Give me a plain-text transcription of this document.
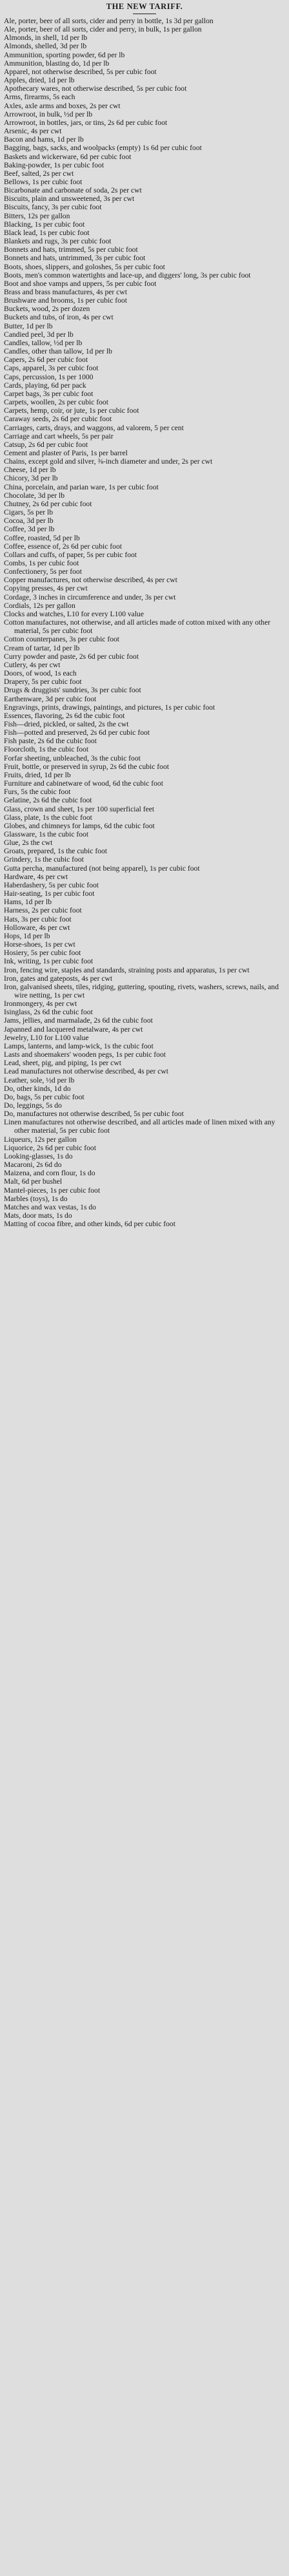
THE NEW TARIFF.

Ale, porter, beer of all sorts, cider and perry in bottle, 1s 3d per gallon

Ale, porter, beer of all sorts, cider and perry, in bulk, 1s per gallon

Almonds, in shell, 1d per lb

Almonds, shelled, 3d per lb

Ammunition, sporting powder, 6d per lb

Ammunition, blasting do, 1d per lb

Apparel, not otherwise described, 5s per cubic foot

Apples, dried, 1d per lb

Apothecary wares, not otherwise described, 5s per cubic foot

Arms, firearms, 5s each

Axles, axle arms and boxes, 2s per cwt

Arrowroot, in bulk, ½d per lb

Arrowroot, in bottles, jars, or tins, 2s 6d per cubic foot

Arsenic, 4s per cwt

Bacon and hams, 1d per lb

Bagging, bags, sacks, and woolpacks (empty) 1s 6d per cubic foot

Baskets and wickerware, 6d per cubic foot

Baking-powder, 1s per cubic foot

Beef, salted, 2s per cwt

Bellows, 1s per cubic foot

Bicarbonate and carbonate of soda, 2s per cwt

Biscuits, plain and unsweetened, 3s per cwt

Biscuits, fancy, 3s per cubic foot

Bitters, 12s per gallon

Blacking, 1s per cubic foot

Black lead, 1s per cubic foot

Blankets and rugs, 3s per cubic foot

Bonnets and hats, trimmed, 5s per cubic foot

Bonnets and hats, untrimmed, 3s per cubic foot

Boots, shoes, slippers, and goloshes, 5s per cubic foot

Boots, men's common watertights and lace-up, and diggers' long, 3s per cubic foot

Boot and shoe vamps and uppers, 5s per cubic foot

Brass and brass manufactures, 4s per cwt

Brushware and brooms, 1s per cubic foot

Buckets, wood, 2s per dozen

Buckets and tubs, of iron, 4s per cwt

Butter, 1d per lb

Candied peel, 3d per lb

Candles, tallow, ½d per lb

Candles, other than tallow, 1d per lb

Capers, 2s 6d per cubic foot

Caps, apparel, 3s per cubic foot

Caps, percussion, 1s per 1000

Cards, playing, 6d per pack

Carpet bags, 3s per cubic foot

Carpets, woollen, 2s per cubic foot

Carpets, hemp, coir, or jute, 1s per cubic foot

Caraway seeds, 2s 6d per cubic foot

Carriages, carts, drays, and waggons, ad valorem, 5 per cent

Carriage and cart wheels, 5s per pair

Catsup, 2s 6d per cubic foot

Cement and plaster of Paris, 1s per barrel

Chains, except gold and silver, ⅜-inch diameter and under, 2s per cwt

Cheese, 1d per lb

Chicory, 3d per lb

China, porcelain, and parian ware, 1s per cubic foot

Chocolate, 3d per lb

Chutney, 2s 6d per cubic foot

Cigars, 5s per lb

Cocoa, 3d per lb

Coffee, 3d per lb

Coffee, roasted, 5d per lb

Coffee, essence of, 2s 6d per cubic foot

Collars and cuffs, of paper, 5s per cubic foot

Combs, 1s per cubic foot

Confectionery, 5s per foot

Copper manufactures, not otherwise described, 4s per cwt

Copying presses, 4s per cwt

Cordage, 3 inches in circumference and under, 3s per cwt

Cordials, 12s per gallon

Clocks and watches, L10 for every L100 value

Cotton manufactures, not otherwise, and all articles made of cotton mixed with any other material, 5s per cubic foot

Cotton counterpanes, 3s per cubic foot

Cream of tartar, 1d per lb

Curry powder and paste, 2s 6d per cubic foot

Cutlery, 4s per cwt

Doors, of wood, 1s each

Drapery, 5s per cubic foot

Drugs & druggists' sundries, 3s per cubic foot

Earthenware, 3d per cubic foot

Engravings, prints, drawings, paintings, and pictures, 1s per cubic foot

Essences, flavoring, 2s 6d the cubic foot

Fish—dried, pickled, or salted, 2s the cwt

Fish—potted and preserved, 2s 6d per cubic foot

Fish paste, 2s 6d the cubic foot

Floorcloth, 1s the cubic foot

Forfar sheeting, unbleached, 3s the cubic foot

Fruit, bottle, or preserved in syrup, 2s 6d the cubic foot

Fruits, dried, 1d per lb

Furniture and cabinetware of wood, 6d the cubic foot

Furs, 5s the cubic foot

Gelatine, 2s 6d the cubic foot

Glass, crown and sheet, 1s per 100 superficial feet

Glass, plate, 1s the cubic foot

Globes, and chimneys for lamps, 6d the cubic foot

Glassware, 1s the cubic foot

Glue, 2s the cwt

Groats, prepared, 1s the cubic foot

Grindery, 1s the cubic foot

Gutta percha, manufactured (not being apparel), 1s per cubic foot

Hardware, 4s per cwt

Haberdashery, 5s per cubic foot

Hair-seating, 1s per cubic foot

Hams, 1d per lb

Harness, 2s per cubic foot

Hats, 3s per cubic foot

Holloware, 4s per cwt

Hops, 1d per lb

Horse-shoes, 1s per cwt

Hosiery, 5s per cubic foot

Ink, writing, 1s per cubic foot

Iron, fencing wire, staples and standards, straining posts and apparatus, 1s per cwt

Iron, gates and gateposts, 4s per cwt

Iron, galvanised sheets, tiles, ridging, guttering, spouting, rivets, washers, screws, nails, and wire netting, 1s per cwt

Ironmongery, 4s per cwt

Isinglass, 2s 6d the cubic foot

Jams, jellies, and marmalade, 2s 6d the cubic foot

Japanned and lacquered metalware, 4s per cwt

Jewelry, L10 for L100 value

Lamps, lanterns, and lamp-wick, 1s the cubic foot

Lasts and shoemakers' wooden pegs, 1s per cubic foot

Lead, sheet, pig, and piping, 1s per cwt

Lead manufactures not otherwise described, 4s per cwt

Leather, sole, ½d per lb

Do, other kinds, 1d do

Do, bags, 5s per cubic foot

Do, leggings, 5s do

Do, manufactures not otherwise described, 5s per cubic foot

Linen manufactures not otherwise described, and all articles made of linen mixed with any other material, 5s per cubic foot

Liqueurs, 12s per gallon

Liquorice, 2s 6d per cubic foot

Looking-glasses, 1s do

Macaroni, 2s 6d do

Maizena, and corn flour, 1s do

Malt, 6d per bushel

Mantel-pieces, 1s per cubic foot

Marbles (toys), 1s do

Matches and wax vestas, 1s do

Mats, door mats, 1s do

Matting of cocoa fibre, and other kinds, 6d per cubic foot
